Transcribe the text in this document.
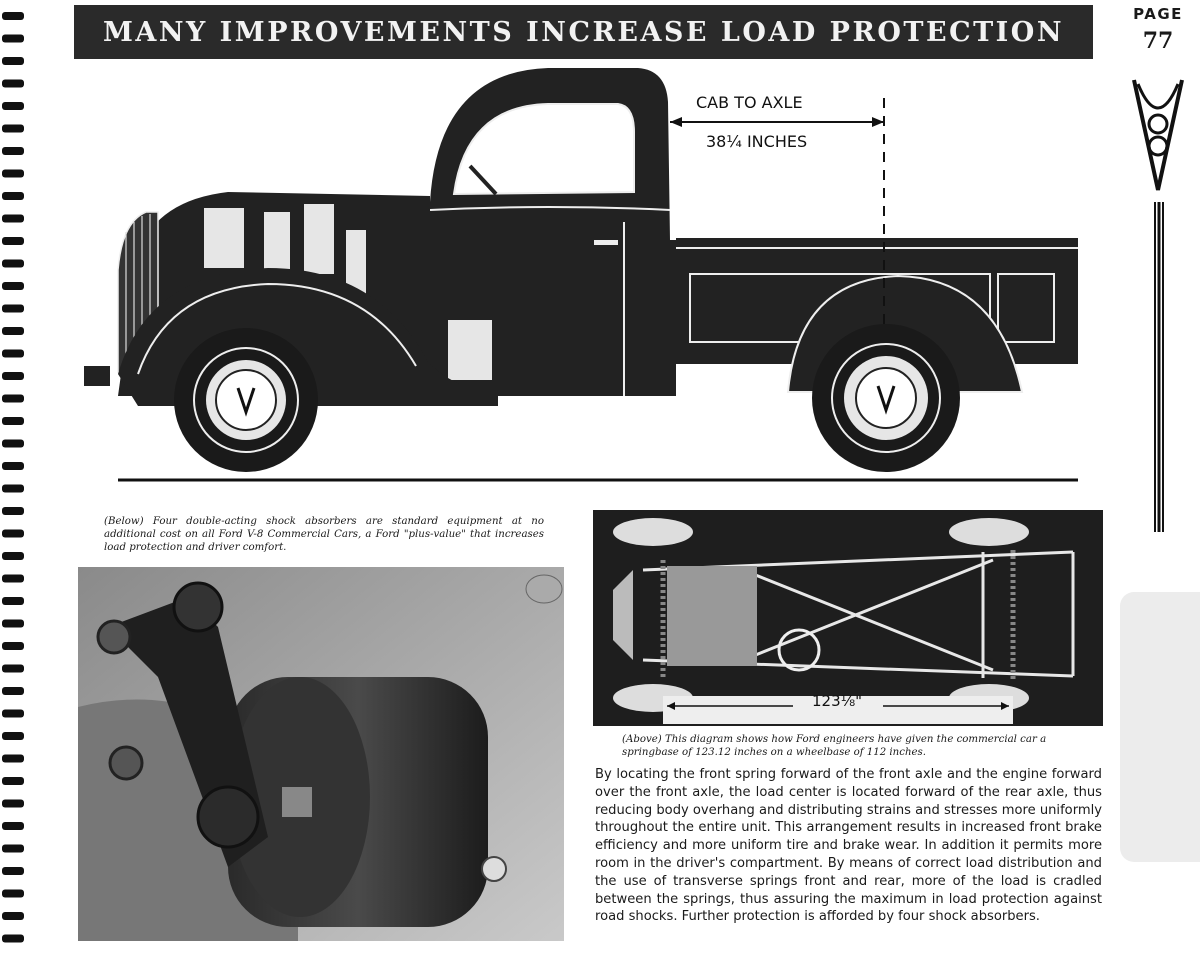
MANY IMPROVEMENTS INCREASE LOAD PROTECTION
PAGE
77
CAB TO AXLE
38¼ INCHES
(Below) Four double-acting shock absorbers are standard equipment at no additional cost on all Ford V-8 Commercial Cars, a Ford "plus-value" that increases load protection and driver comfort.
123⅛"
(Above) This diagram shows how Ford engineers have given the commercial car a springbase of 123.12 inches on a wheelbase of 112 inches.
By locating the front spring forward of the front axle and the engine forward over the front axle, the load center is located forward of the rear axle, thus reducing body overhang and distributing strains and stresses more uniformly throughout the entire unit. This arrangement results in increased front brake efficiency and more uniform tire and brake wear. In addition it permits more room in the driver's compartment. By means of correct load distribution and the use of transverse springs front and rear, more of the load is cradled between the springs, thus assuring the maximum in load protection against road shocks. Further protection is afforded by four shock absorbers.
